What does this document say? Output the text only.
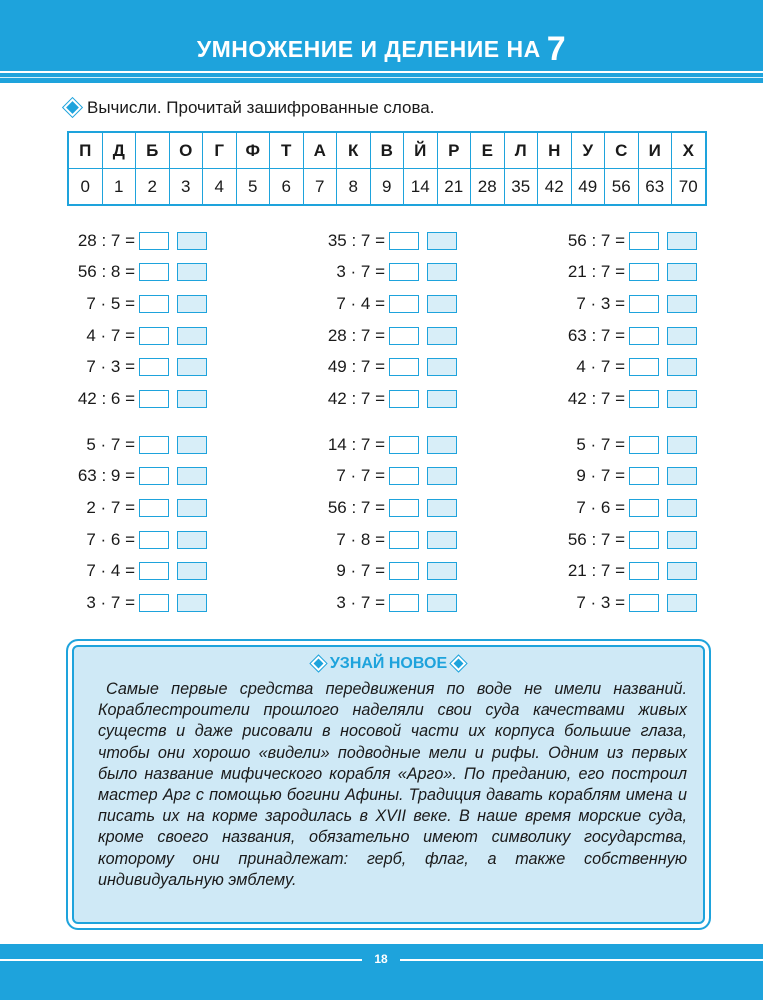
УМНОЖЕНИЕ И ДЕЛЕНИЕ НА 7
Вычисли. Прочитай зашифрованные слова.
П	Д	Б	О	Г	Ф	Т	А	К	В	Й	Р	Е	Л	Н	У	С	И	Х
0	1	2	3	4	5	6	7	8	9	14	21	28	35	42	49	56	63	70
28 : 7 =
56 : 8 =
7 · 5 =
4 · 7 =
7 · 3 =
42 : 6 =
35 : 7 =
3 · 7 =
7 · 4 =
28 : 7 =
49 : 7 =
42 : 7 =
56 : 7 =
21 : 7 =
7 · 3 =
63 : 7 =
4 · 7 =
42 : 7 =
5 · 7 =
63 : 9 =
2 · 7 =
7 · 6 =
7 · 4 =
3 · 7 =
14 : 7 =
7 · 7 =
56 : 7 =
7 · 8 =
9 · 7 =
3 · 7 =
5 · 7 =
9 · 7 =
7 · 6 =
56 : 7 =
21 : 7 =
7 · 3 =
УЗНАЙ НОВОЕ
Самые первые средства передвижения по воде не имели названий. Кораблестроители прошлого наделяли свои суда качествами живых существ и даже рисовали в носовой части их корпуса большие глаза, чтобы они хорошо «видели» подводные мели и рифы. Одним из первых было название мифического корабля «Арго». По преданию, его построил мастер Арг с помощью богини Афины. Традиция давать кораблям имена и писать их на корме зародилась в XVII веке. В наше время морские суда, кроме своего названия, обязательно имеют символику государства, которому они принадлежат: герб, флаг, а также собственную индивидуальную эмблему.
18
